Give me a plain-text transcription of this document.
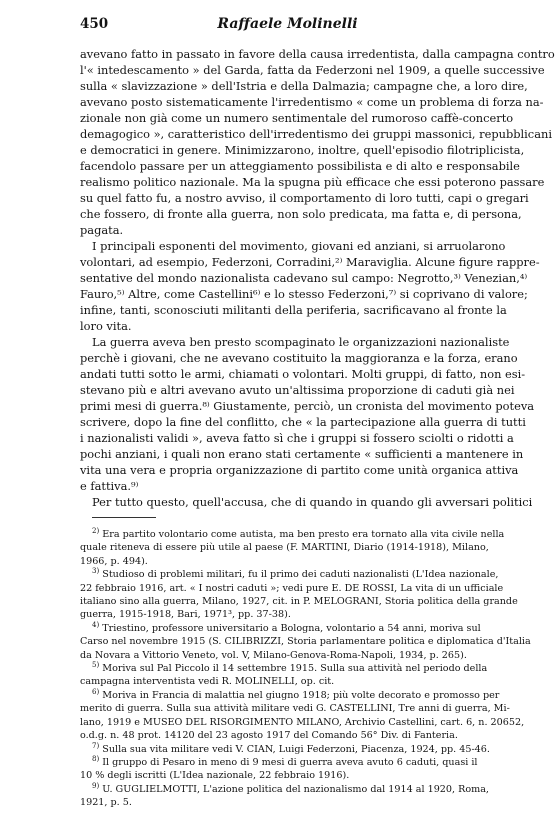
450	Raffaele Molinelli
avevano fatto in passato in favore della causa irredentista, dalla campagna contro
l'« intedescamento » del Garda, fatta da Federzoni nel 1909, a quelle successive
sulla « slavizzazione » dell'Istria e della Dalmazia; campagne che, a loro dire,
avevano posto sistematicamente l'irredentismo « come un problema di forza na-
zionale non già come un numero sentimentale del rumoroso caffè-concerto
demagogico », caratteristico dell'irredentismo dei gruppi massonici, repubblicani
e democratici in genere. Minimizzarono, inoltre, quell'episodio filotriplicista,
facendolo passare per un atteggiamento possibilista e di alto e responsabile
realismo politico nazionale. Ma la spugna più efficace che essi poterono passare
su quel fatto fu, a nostro avviso, il comportamento di loro tutti, capi o gregari
che fossero, di fronte alla guerra, non solo predicata, ma fatta e, di persona,
pagata.
I principali esponenti del movimento, giovani ed anziani, si arruolarono
volontari, ad esempio, Federzoni, Corradini,²⁾ Maraviglia. Alcune figure rappre-
sentative del mondo nazionalista cadevano sul campo: Negrotto,³⁾ Venezian,⁴⁾
Fauro,⁵⁾ Altre, come Castellini⁶⁾ e lo stesso Federzoni,⁷⁾ si coprivano di valore;
infine, tanti, sconosciuti militanti della periferia, sacrificavano al fronte la
loro vita.
La guerra aveva ben presto scompaginato le organizzazioni nazionaliste
perchè i giovani, che ne avevano costituito la maggioranza e la forza, erano
andati tutti sotto le armi, chiamati o volontari. Molti gruppi, di fatto, non esi-
stevano più e altri avevano avuto un'altissima proporzione di caduti già nei
primi mesi di guerra.⁸⁾ Giustamente, perciò, un cronista del movimento poteva
scrivere, dopo la fine del conflitto, che « la partecipazione alla guerra di tutti
i nazionalisti validi », aveva fatto sì che i gruppi si fossero sciolti o ridotti a
pochi anziani, i quali non erano stati certamente « sufficienti a mantenere in
vita una vera e propria organizzazione di partito come unità organica attiva
e fattiva.⁹⁾
Per tutto questo, quell'accusa, che di quando in quando gli avversari politici
$^{2)}$ Era partito volontario come autista, ma ben presto era tornato alla vita civile nella
quale riteneva di essere più utile al paese (F. MARTINI, Diario (1914-1918), Milano,
1966, p. 494).
$^{3)}$ Studioso di problemi militari, fu il primo dei caduti nazionalisti (L'Idea nazionale,
22 febbraio 1916, art. « I nostri caduti »; vedi pure E. DE ROSSI, La vita di un ufficiale
italiano sino alla guerra, Milano, 1927, cit. in P. MELOGRANI, Storia politica della grande
guerra, 1915-1918, Bari, 1971³, pp. 37-38).
$^{4)}$ Triestino, professore universitario a Bologna, volontario a 54 anni, moriva sul
Carso nel novembre 1915 (S. CILIBRIZZI, Storia parlamentare politica e diplomatica d'Italia
da Novara a Vittorio Veneto, vol. V, Milano-Genova-Roma-Napoli, 1934, p. 265).
$^{5)}$ Moriva sul Pal Piccolo il 14 settembre 1915. Sulla sua attività nel periodo della
campagna interventista vedi R. MOLINELLI, op. cit.
$^{6)}$ Moriva in Francia di malattia nel giugno 1918; più volte decorato e promosso per
merito di guerra. Sulla sua attività militare vedi G. CASTELLINI, Tre anni di guerra, Mi-
lano, 1919 e MUSEO DEL RISORGIMENTO MILANO, Archivio Castellini, cart. 6, n. 20652,
o.d.g. n. 48 prot. 14120 del 23 agosto 1917 del Comando 56° Div. di Fanteria.
$^{7)}$ Sulla sua vita militare vedi V. CIAN, Luigi Federzoni, Piacenza, 1924, pp. 45-46.
$^{8)}$ Il gruppo di Pesaro in meno di 9 mesi di guerra aveva avuto 6 caduti, quasi il
10 % degli iscritti (L'Idea nazionale, 22 febbraio 1916).
$^{9)}$ U. GUGLIELMOTTI, L'azione politica del nazionalismo dal 1914 al 1920, Roma,
1921, p. 5.
